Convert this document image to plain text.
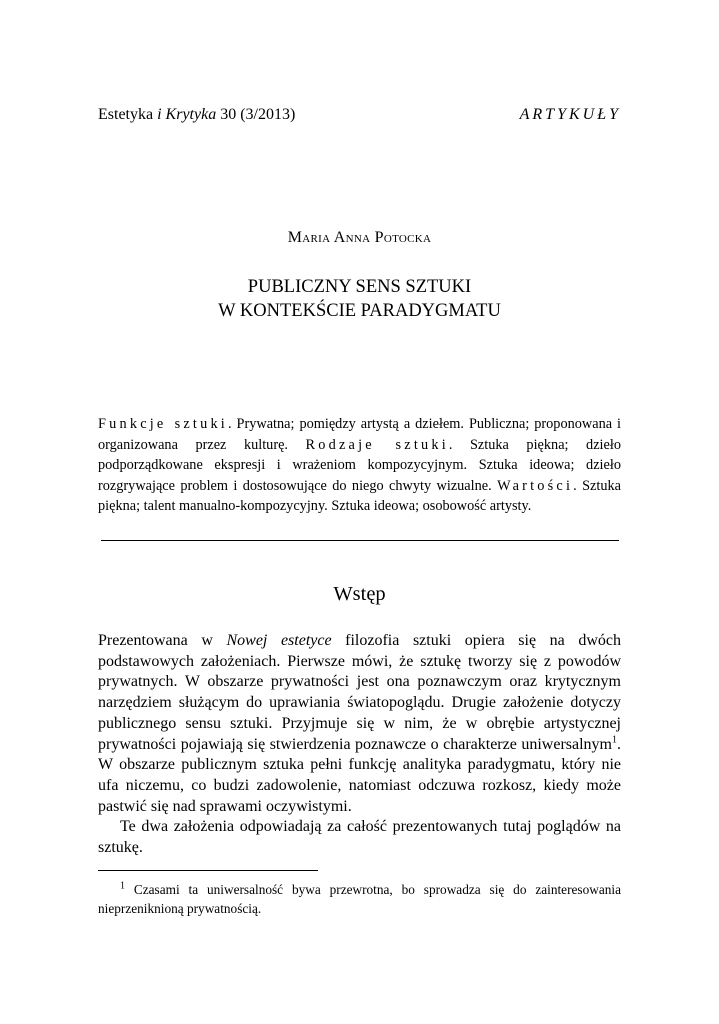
Estetyka i Krytyka 30 (3/2013)	ARTYKUŁY
Maria Anna Potocka
PUBLICZNY SENS SZTUKI
W KONTEKŚCIE PARADYGMATU
Funkcje sztuki. Prywatna; pomiędzy artystą a dziełem. Publiczna; proponowana i organizowana przez kulturę. Rodzaje sztuki. Sztuka piękna; dzieło podporządkowane ekspresji i wrażeniom kompozycyjnym. Sztuka ideowa; dzieło rozgrywające problem i dostosowujące do niego chwyty wizualne. Wartości. Sztuka piękna; talent manualno-kompozycyjny. Sztuka ideowa; osobowość artysty.
Wstęp

Prezentowana w Nowej estetyce filozofia sztuki opiera się na dwóch podstawowych założeniach. Pierwsze mówi, że sztukę tworzy się z powodów prywatnych. W obszarze prywatności jest ona poznawczym oraz krytycznym narzędziem służącym do uprawiania światopoglądu. Drugie założenie dotyczy publicznego sensu sztuki. Przyjmuje się w nim, że w obrębie artystycznej prywatności pojawiają się stwierdzenia poznawcze o charakterze uniwersalnym$^1$. W obszarze publicznym sztuka pełni funkcję analityka paradygmatu, który nie ufa niczemu, co budzi zadowolenie, natomiast odczuwa rozkosz, kiedy może pastwić się nad sprawami oczywistymi.

Te dwa założenia odpowiadają za całość prezentowanych tutaj poglądów na sztukę.

$^1$ Czasami ta uniwersalność bywa przewrotna, bo sprowadza się do zainteresowania nieprzeniknioną prywatnością.
